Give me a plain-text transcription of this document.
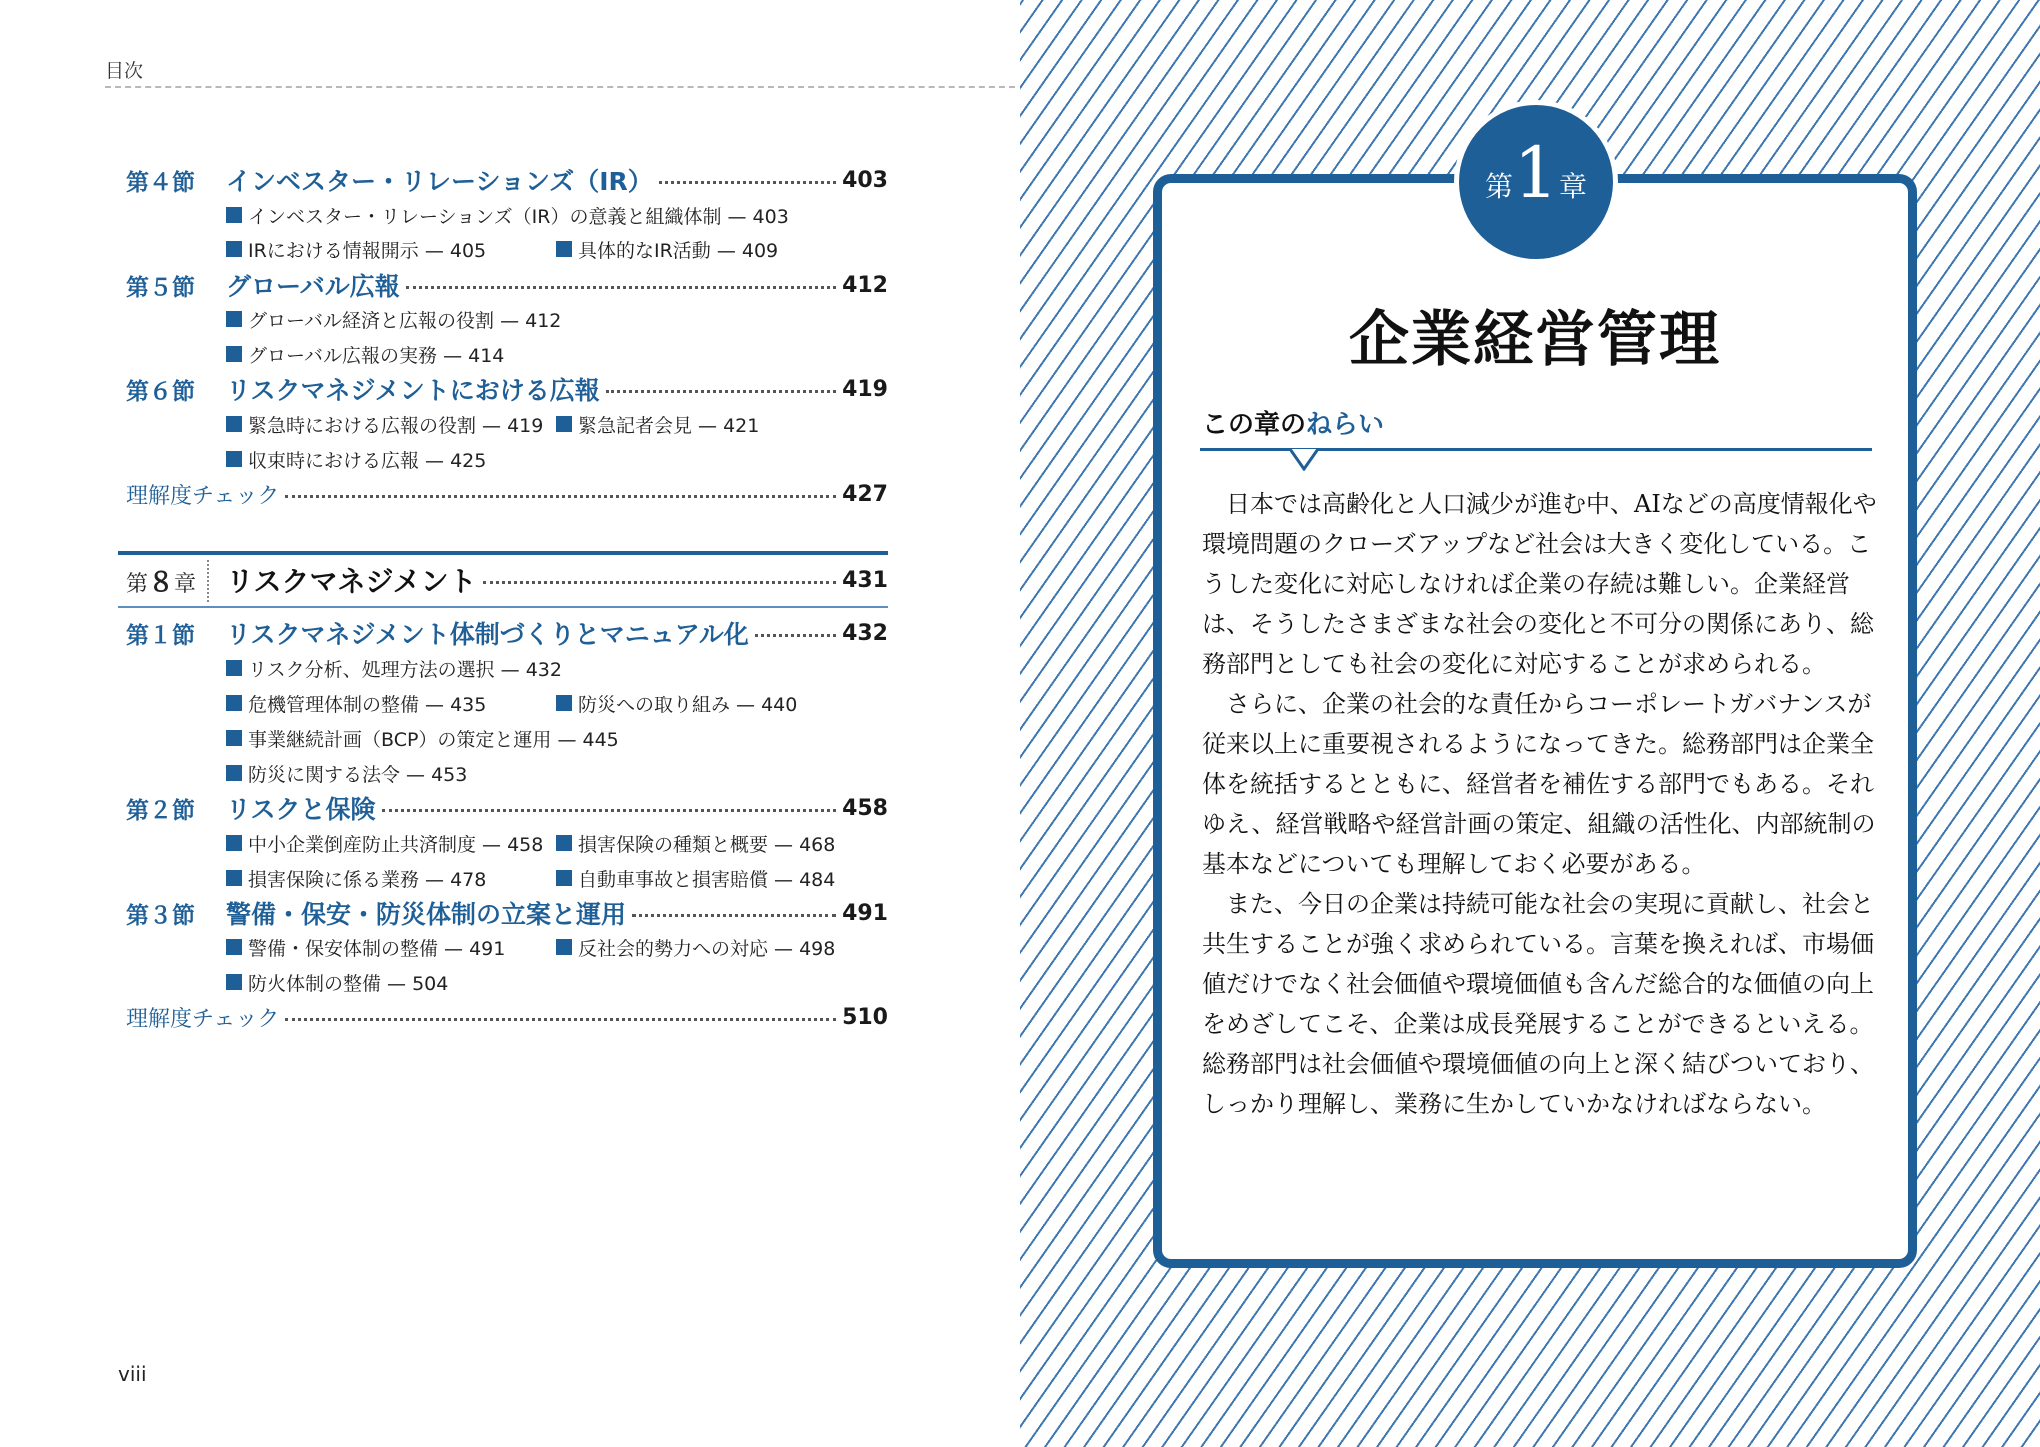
目次
第４節	インベスター・リレーションズ（IR）	403
インベスター・リレーションズ（IR）の意義と組織体制 — 403
IRにおける情報開示 — 405	具体的なIR活動 — 409
第５節	グローバル広報	412
グローバル経済と広報の役割 — 412
グローバル広報の実務 — 414
第６節	リスクマネジメントにおける広報	419
緊急時における広報の役割 — 419 緊急記者会見 — 421
収束時における広報 — 425
理解度チェック	427
第８章 リスクマネジメント	431
第１節	リスクマネジメント体制づくりとマニュアル化	432
リスク分析、処理方法の選択 — 432
危機管理体制の整備 — 435	防災への取り組み — 440
事業継続計画（BCP）の策定と運用 — 445
防災に関する法令 — 453
第２節	リスクと保険	458
中小企業倒産防止共済制度 — 458 損害保険の種類と概要 — 468
損害保険に係る業務 — 478	自動車事故と損害賠償 — 484
第３節	警備・保安・防災体制の立案と運用	491
警備・保安体制の整備 — 491	反社会的勢力への対応 — 498
防火体制の整備 — 504
理解度チェック	510
viii
第 1 章
企業経営管理
この章のねらい

日本では高齢化と人口減少が進む中、AIなどの高度情報化や環境問題のクローズアップなど社会は大きく変化している。こうした変化に対応しなければ企業の存続は難しい。企業経営は、そうしたさまざまな社会の変化と不可分の関係にあり、総務部門としても社会の変化に対応することが求められる。

さらに、企業の社会的な責任からコーポレートガバナンスが従来以上に重要視されるようになってきた。総務部門は企業全体を統括するとともに、経営者を補佐する部門でもある。それゆえ、経営戦略や経営計画の策定、組織の活性化、内部統制の基本などについても理解しておく必要がある。

また、今日の企業は持続可能な社会の実現に貢献し、社会と共生することが強く求められている。言葉を換えれば、市場価値だけでなく社会価値や環境価値も含んだ総合的な価値の向上をめざしてこそ、企業は成長発展することができるといえる。総務部門は社会価値や環境価値の向上と深く結びついており、しっかり理解し、業務に生かしていかなければならない。
